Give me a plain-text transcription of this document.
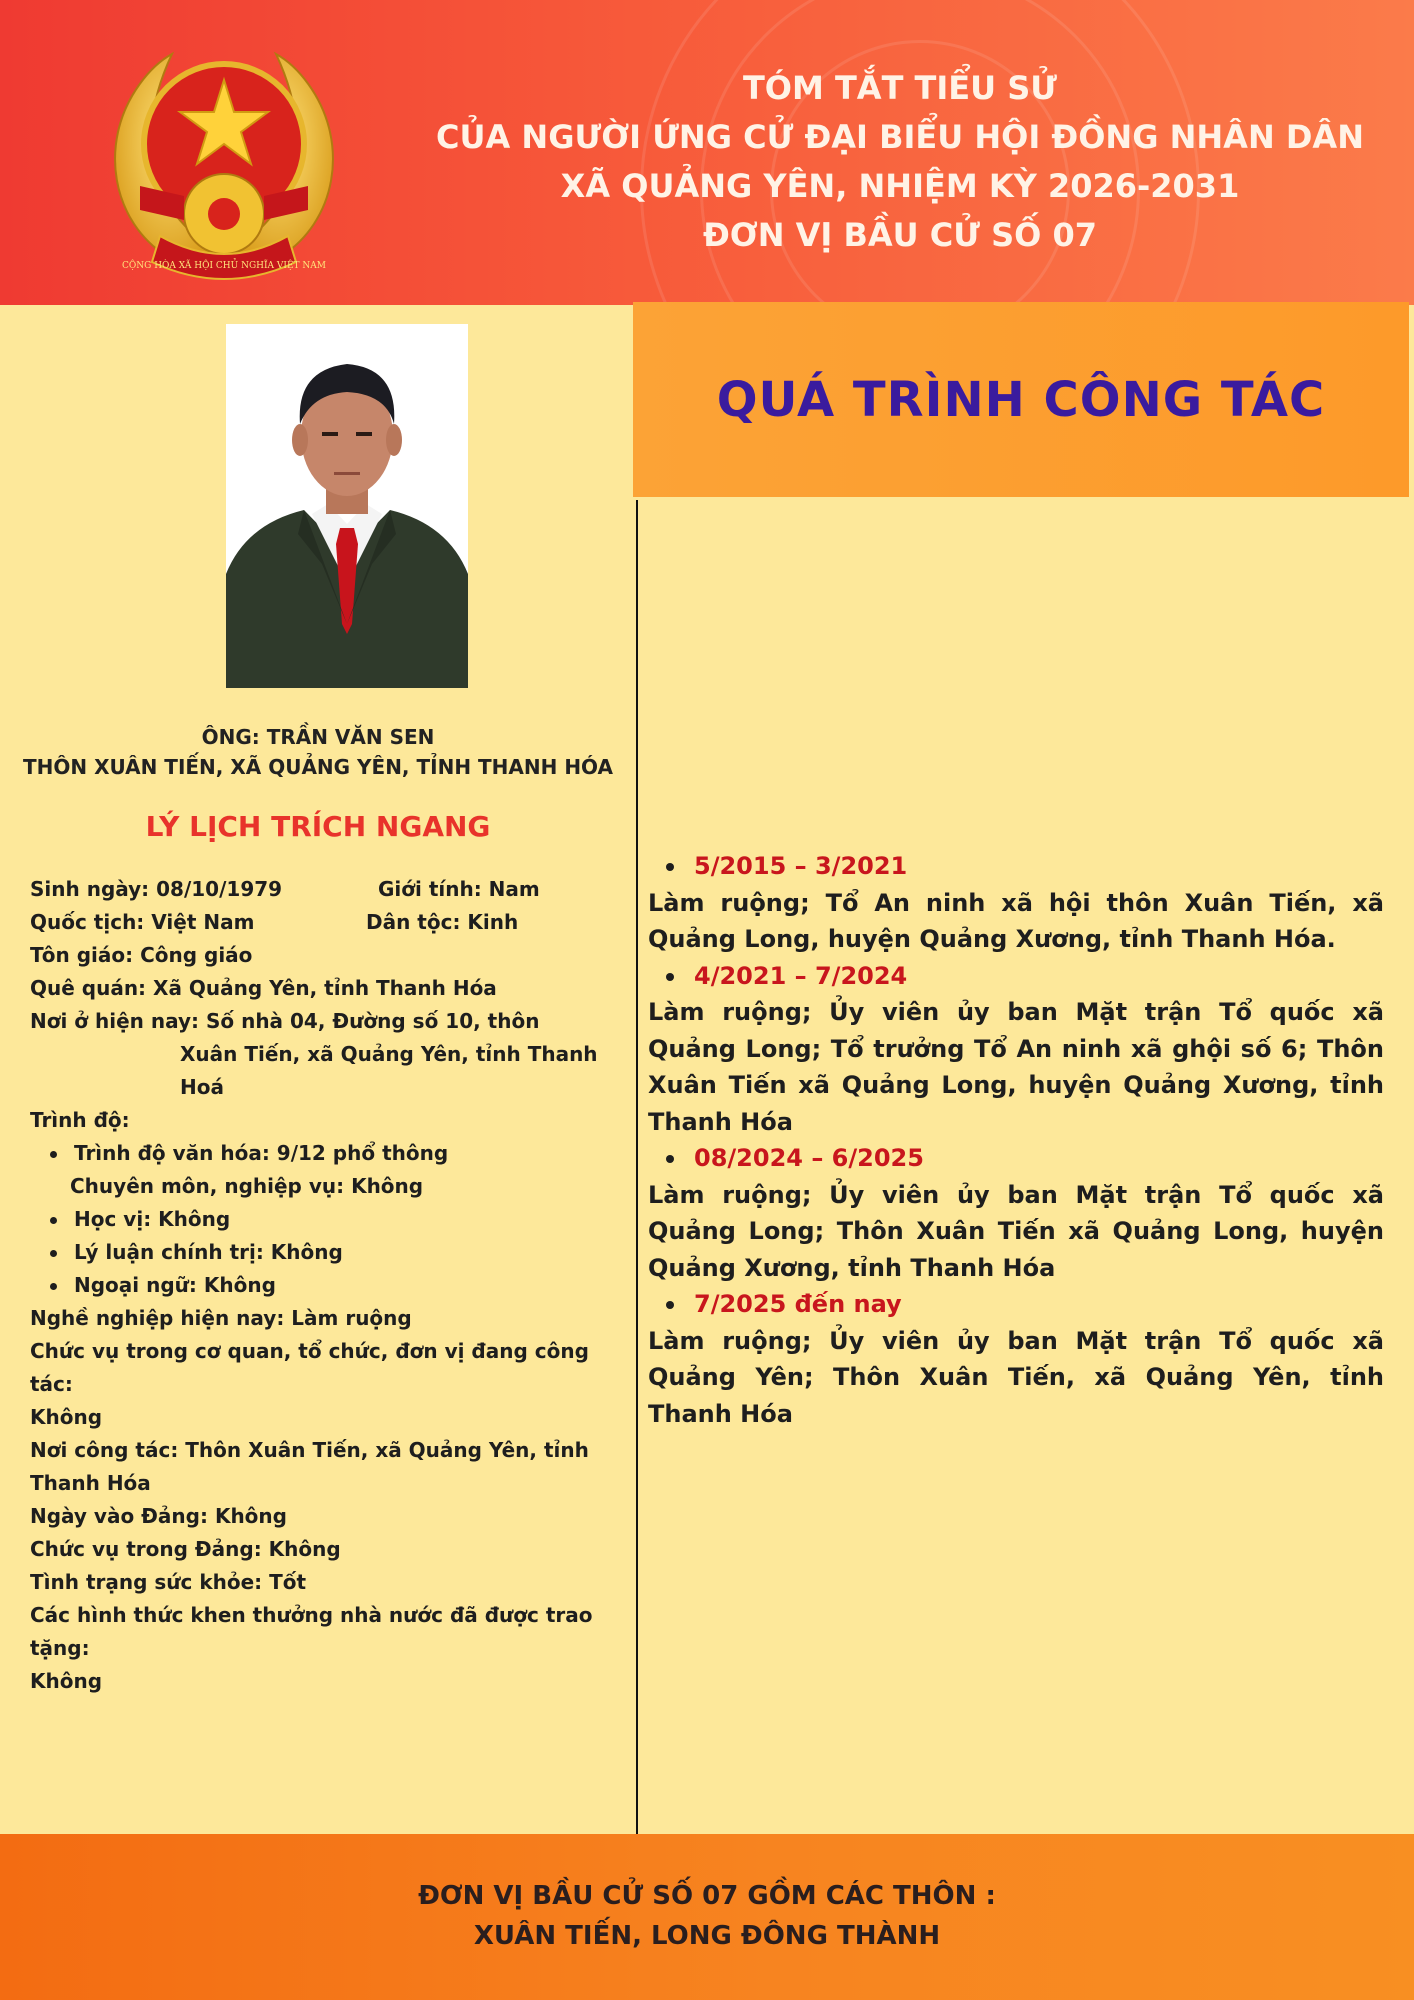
CỘNG HÒA XÃ HỘI CHỦ NGHĨA VIỆT NAM
TÓM TẮT TIỂU SỬ
CỦA NGƯỜI ỨNG CỬ ĐẠI BIỂU HỘI ĐỒNG NHÂN DÂN
XÃ QUẢNG YÊN, NHIỆM KỲ 2026-2031
ĐƠN VỊ BẦU CỬ SỐ 07
ÔNG: TRẦN VĂN SEN
THÔN XUÂN TIẾN, XÃ QUẢNG YÊN, TỈNH THANH HÓA
LÝ LỊCH TRÍCH NGANG
Sinh ngày: 08/10/1979	Giới tính: Nam
Quốc tịch: Việt Nam	Dân tộc: Kinh
Tôn giáo: Công giáo
Quê quán: Xã Quảng Yên, tỉnh Thanh Hóa
Nơi ở hiện nay: Số nhà 04, Đường số 10, thôn
Xuân Tiến, xã Quảng Yên, tỉnh Thanh Hoá
Trình độ:
Trình độ văn hóa: 9/12 phổ thông
Chuyên môn, nghiệp vụ: Không
Học vị: Không
Lý luận chính trị: Không
Ngoại ngữ: Không
Nghề nghiệp hiện nay: Làm ruộng
Chức vụ trong cơ quan, tổ chức, đơn vị đang công tác:
Không
Nơi công tác: Thôn Xuân Tiến, xã Quảng Yên, tỉnh
Thanh Hóa
Ngày vào Đảng: Không
Chức vụ trong Đảng: Không
Tình trạng sức khỏe: Tốt
Các hình thức khen thưởng nhà nước đã được trao tặng:
Không
QUÁ TRÌNH CÔNG TÁC
5/2015 – 3/2021
Làm ruộng; Tổ An ninh xã hội thôn Xuân Tiến, xã Quảng Long, huyện Quảng Xương, tỉnh Thanh Hóa.
4/2021 – 7/2024
Làm ruộng; Ủy viên ủy ban Mặt trận Tổ quốc xã Quảng Long; Tổ trưởng Tổ An ninh xã ghội số 6; Thôn Xuân Tiến xã Quảng Long, huyện Quảng Xương, tỉnh Thanh Hóa
08/2024 – 6/2025
Làm ruộng; Ủy viên ủy ban Mặt trận Tổ quốc xã Quảng Long; Thôn Xuân Tiến xã Quảng Long, huyện Quảng Xương, tỉnh Thanh Hóa
7/2025 đến nay
Làm ruộng; Ủy viên ủy ban Mặt trận Tổ quốc xã Quảng Yên; Thôn Xuân Tiến, xã Quảng Yên, tỉnh Thanh Hóa
ĐƠN VỊ BẦU CỬ SỐ 07 GỒM CÁC THÔN :
XUÂN TIẾN, LONG ĐÔNG THÀNH
